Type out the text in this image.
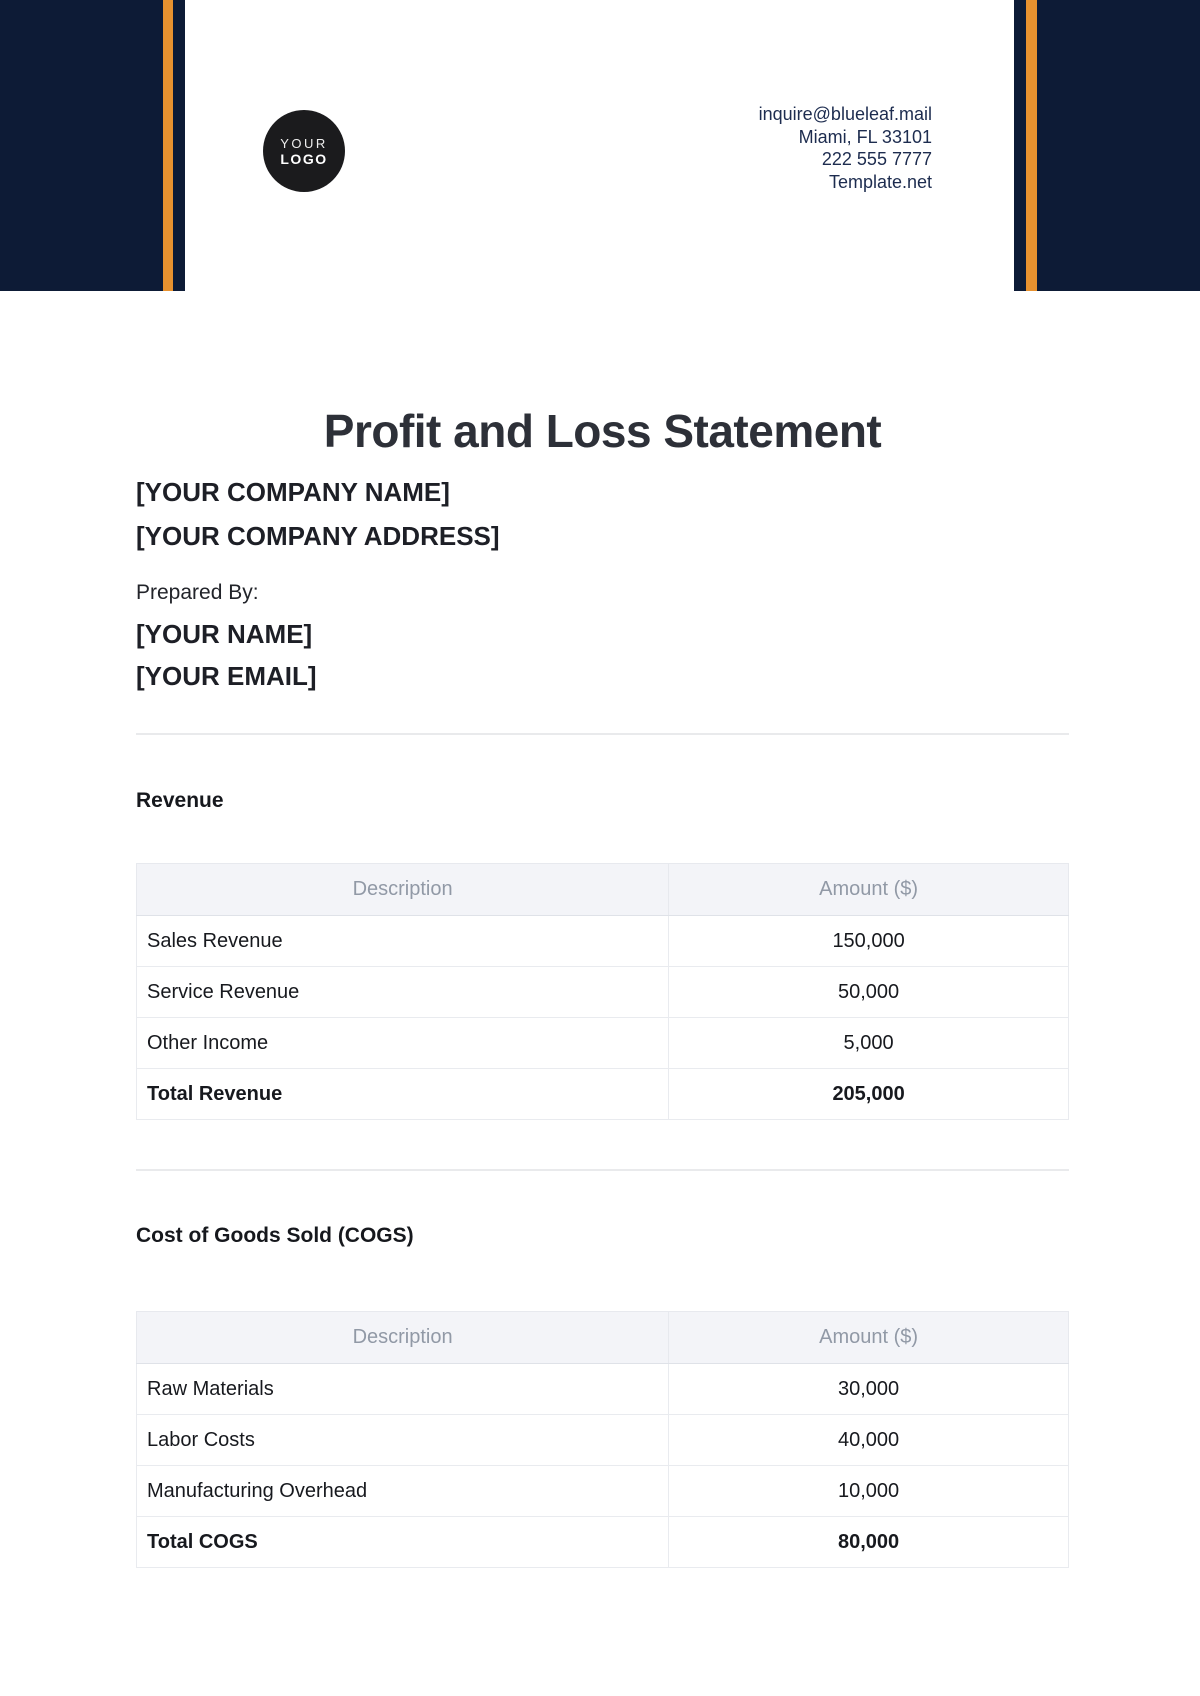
YOUR
LOGO
inquire@blueleaf.mail
Miami, FL 33101
222 555 7777
Template.net
Profit and Loss Statement

[YOUR COMPANY NAME]

[YOUR COMPANY ADDRESS]

Prepared By:

[YOUR NAME]

[YOUR EMAIL]

Revenue
Description	Amount ($)
Sales Revenue	150,000
Service Revenue	50,000
Other Income	5,000
Total Revenue	205,000
Cost of Goods Sold (COGS)
Description	Amount ($)
Raw Materials	30,000
Labor Costs	40,000
Manufacturing Overhead	10,000
Total COGS	80,000
